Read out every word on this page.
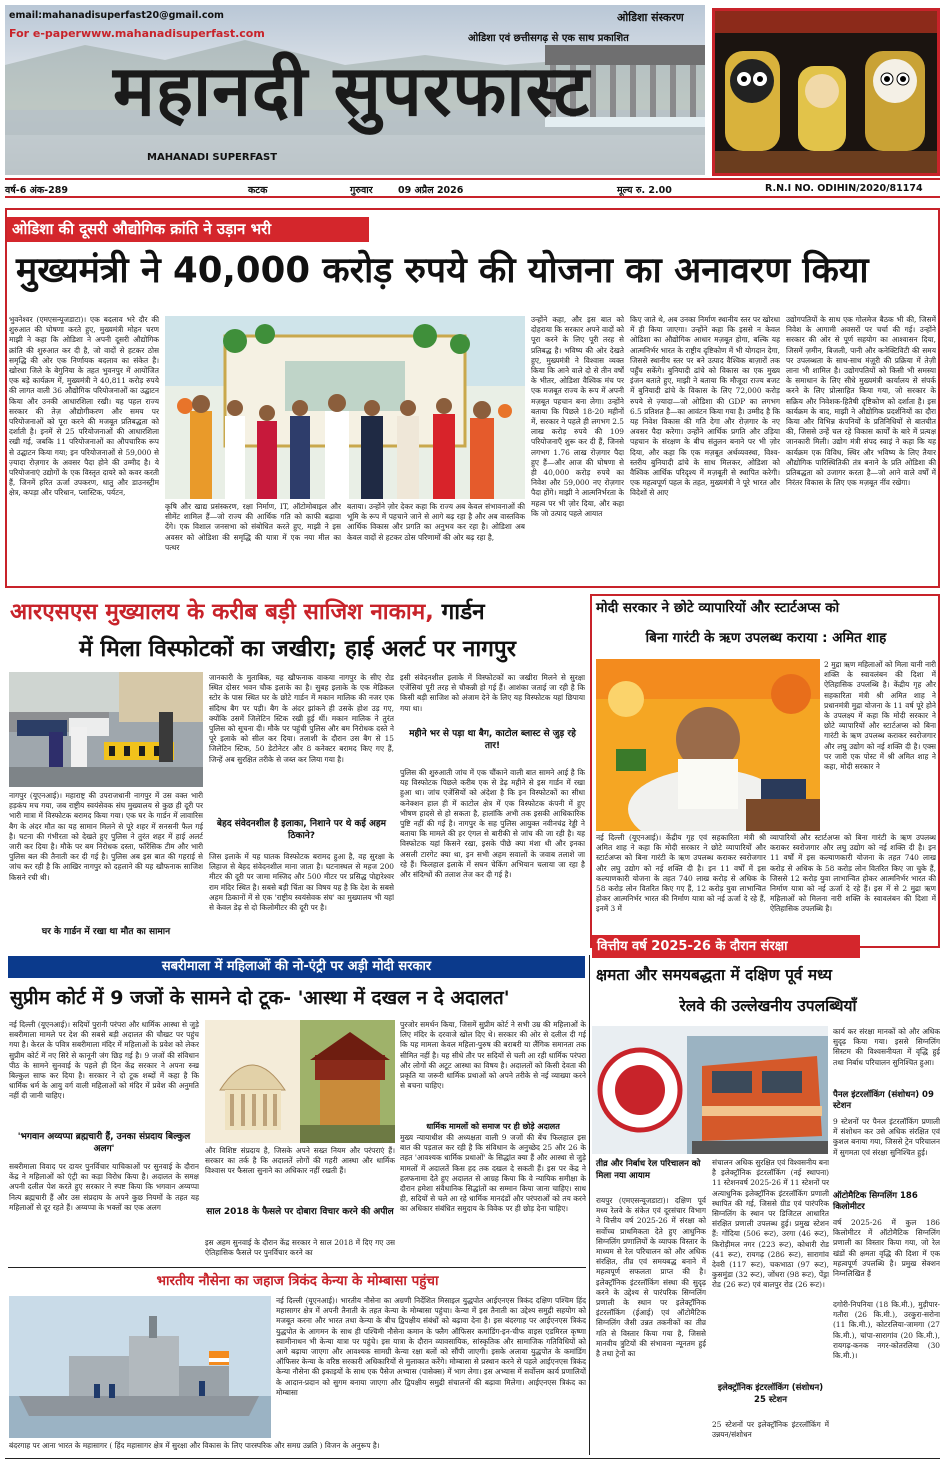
email:mahanadisuperfast20@gmail.com
For e-paperwww.mahanadisuperfast.com
ओडिशा संस्करण
ओडिशा एवं छत्तीसगढ़ से एक साथ प्रकाशित
महानदी सुपरफास्ट
MAHANADI SUPERFAST
वर्ष-6 अंक-289	कटक	गुरुवार	09 अप्रैल 2026	मूल्य रु. 2.00	R.N.I NO. ODIHIN/2020/81174
ओडिशा की दूसरी औद्योगिक क्रांति ने उड़ान भरी
मुख्यमंत्री ने 40,000 करोड़ रुपये की योजना का अनावरण किया
भुवनेश्वर (एमएसन्यूजडाटा)। एक बदलाव भरे दौर की शुरुआत की घोषणा करते हुए, मुख्यमंत्री मोहन चरण माझी ने कहा कि ओडिशा ने अपनी दूसरी औद्योगिक क्रांति की शुरुआत कर दी है, जो वादों से हटकर ठोस समृद्धि की ओर एक निर्णायक बदलाव का संकेत है। खोरधा जिले के बेगुनिया के तहत भुवनपुर में आयोजित एक बड़े कार्यक्रम में, मुख्यमंत्री ने 40,811 करोड़ रुपये की लागत वाली 36 औद्योगिक परियोजनाओं का उद्घाटन किया और उनकी आधारशिला रखी। यह पहल राज्य सरकार की तेज़ औद्योगीकरण और समय पर परियोजनाओं को पूरा करने की मजबूत प्रतिबद्धता को दर्शाती है। इनमें से 25 परियोजनाओं की आधारशिला रखी गई, जबकि 11 परियोजनाओं का औपचारिक रूप से उद्घाटन किया गया; इन परियोजनाओं से 59,000 से ज़्यादा रोज़गार के अवसर पैदा होने की उम्मीद है। ये परियोजनाएं उद्योगों के एक विस्तृत दायरे को कवर करती हैं, जिनमें हरित ऊर्जा उपकरण, धातु और डाउनस्ट्रीम क्षेत्र, कपड़ा और परिधान, प्लास्टिक, पर्यटन,
कृषि और खाद्य प्रसंस्करण, रक्षा निर्माण, IT, ऑटोमोबाइल और सीमेंट शामिल हैं—जो राज्य की आर्थिक गति को काफी बढ़ावा देंगे। एक विशाल जनसभा को संबोधित करते हुए, माझी ने इस अवसर को ओडिशा की समृद्धि की यात्रा में एक नया मील का पत्थर
बताया। उन्होंने ज़ोर देकर कहा कि राज्य अब केवल संभावनाओं की भूमि के रूप में पहचाने जाने से आगे बढ़ रहा है और अब वास्तविक आर्थिक विकास और प्रगति का अनुभव कर रहा है। ओडिशा अब केवल वादों से हटकर ठोस परिणामों की ओर बढ़ रहा है,
उन्होंने कहा, और इस बात को दोहराया कि सरकार अपने वादों को पूरा करने के लिए पूरी तरह से प्रतिबद्ध है। भविष्य की ओर देखते हुए, मुख्यमंत्री ने विश्वास व्यक्त किया कि आने वाले दो से तीन वर्षों के भीतर, ओडिशा वैश्विक मंच पर एक मजबूत राज्य के रूप में अपनी मज़बूत पहचान बना लेगा। उन्होंने बताया कि पिछले 18-20 महीनों में, सरकार ने पहले ही लगभग 2.5 लाख करोड़ रुपये की 109 परियोजनाएँ शुरू कर दी हैं, जिनसे लगभग 1.76 लाख रोज़गार पैदा हुए हैं—और आज की घोषणा से ही 40,000 करोड़ रुपये का निवेश और 59,000 नए रोज़गार पैदा होंगे। माझी ने आत्मनिर्भरता के महत्व पर भी ज़ोर दिया, और कहा कि जो उत्पाद पहले आयात
किए जाते थे, अब उनका निर्माण स्थानीय स्तर पर खोरधा में ही किया जाएगा। उन्होंने कहा कि इससे न केवल ओडिशा का औद्योगिक आधार मज़बूत होगा, बल्कि यह आत्मनिर्भर भारत के राष्ट्रीय दृष्टिकोण में भी योगदान देगा, जिससे स्थानीय स्तर पर बने उत्पाद वैश्विक बाज़ारों तक पहुँच सकेंगे। बुनियादी ढांचे को विकास का एक मुख्य इंजन बताते हुए, माझी ने बताया कि मौजूदा राज्य बजट में बुनियादी ढांचे के विकास के लिए 72,000 करोड़ रुपये से ज़्यादा—जो ओडिशा की GDP का लगभग 6.5 प्रतिशत है—का आवंटन किया गया है। उम्मीद है कि यह निवेश विकास की गति देगा और रोज़गार के नए अवसर पैदा करेगा। उन्होंने आर्थिक प्रगति और उड़िया पहचान के संरक्षण के बीच संतुलन बनाने पर भी ज़ोर दिया, और कहा कि एक मज़बूत अर्थव्यवस्था, विश्व-स्तरीय बुनियादी ढांचे के साथ मिलकर, ओडिशा को वैश्विक आर्थिक परिदृश्य में मज़बूती से स्थापित करेगी। एक महत्वपूर्ण पहल के तहत, मुख्यमंत्री ने पूरे भारत और विदेशों से आए
उद्योगपतियों के साथ एक गोलमेज बैठक भी की, जिसमें निवेश के आगामी अवसरों पर चर्चा की गई। उन्होंने सरकार की ओर से पूर्ण सहयोग का आश्वासन दिया, जिसमें ज़मीन, बिजली, पानी और कनेक्टिविटी की समय पर उपलब्धता के साथ-साथ मंज़ूरी की प्रक्रिया में तेज़ी लाना भी शामिल है। उद्योगपतियों को किसी भी समस्या के समाधान के लिए सीधे मुख्यमंत्री कार्यालय से संपर्क करने के लिए प्रोत्साहित किया गया, जो सरकार के सक्रिय और निवेशक-हितैषी दृष्टिकोण को दर्शाता है। इस कार्यक्रम के बाद, माझी ने औद्योगिक प्रदर्शनियों का दौरा किया और विभिन्न कंपनियों के प्रतिनिधियों से बातचीत की, जिससे उन्हें चल रहे विकास कार्यों के बारे में प्रत्यक्ष जानकारी मिली। उद्योग मंत्री संपद स्वाइं ने कहा कि यह कार्यक्रम एक विविध, स्थिर और भविष्य के लिए तैयार औद्योगिक पारिस्थितिकी तंत्र बनाने के प्रति ओडिशा की प्रतिबद्धता को उजागर करता है—जो आने वाले वर्षों में निरंतर विकास के लिए एक मज़बूत नींव रखेगा।
आरएसएस मुख्यालय के करीब बड़ी साजिश नाकाम, गार्डन
में मिला विस्फोटकों का जखीरा; हाई अलर्ट पर नागपुर
नागपुर (यूएनआई)। महाराष्ट्र की उपराजधानी नागपुर में उस वक्त भारी हड़कंप मच गया, जब राष्ट्रीय स्वयंसेवक संघ मुख्यालय से कुछ ही दूरी पर भारी मात्रा में विस्फोटक बरामद किया गया। एक घर के गार्डन में लावारिस बैग के अंदर मौत का यह सामान मिलने से पूरे शहर में सनसनी फैल गई है। घटना की गंभीरता को देखते हुए पुलिस ने तुरंत शहर में हाई अलर्ट जारी कर दिया है। मौके पर बम निरोधक दस्ता, फॉरेंसिक टीम और भारी पुलिस बल की तैनाती कर दी गई है। पुलिस अब इस बात की गहराई से जांच कर रही है कि आखिर नागपुर को दहलाने की यह खौफनाक साजिश किसने रची थी।
घर के गार्डन में रखा था मौत का सामान
जानकारी के मुताबिक, यह खौफनाक वाकया नागपुर के सीए रोड स्थित दोसर भवन चौक इलाके का है। सुबह इलाके के एक मेडिकल स्टोर के पास स्थित घर के छोटे गार्डन में मकान मालिक की नजर एक संदिग्ध बैग पर पड़ी। बैग के अंदर झांकने ही उसके होश उड़ गए, क्योंकि उसमें जिलेटिन स्टिक रखी हुई थीं। मकान मालिक ने तुरंत पुलिस को सूचना दी। मौके पर पहुंची पुलिस और बम निरोधक दस्ते ने पूरे इलाके को सील कर दिया। तलाशी के दौरान उस बैग से 15 जिलेटिन स्टिक, 50 डेटोनेटर और 8 कनेक्टर बरामद किए गए हैं, जिन्हें अब सुरक्षित तरीके से जब्त कर लिया गया है।
बेहद संवेदनशील है इलाका, निशाने पर थे कई अहम ठिकाने?
जिस इलाके में यह घातक विस्फोटक बरामद हुआ है, वह सुरक्षा के लिहाज से बेहद संवेदनशील माना जाता है। घटनास्थल से महज 200 मीटर की दूरी पर जामा मस्जिद और 500 मीटर पर प्रसिद्ध पोद्दारेश्वर राम मंदिर स्थित है। सबसे बड़ी चिंता का विषय यह है कि देश के सबसे अहम ठिकानों में से एक 'राष्ट्रीय स्वयंसेवक संघ' का मुख्यालय भी यहां से केवल डेढ़ से दो किलोमीटर की दूरी पर है।
इसी संवेदनशील इलाके में विस्फोटकों का जखीरा मिलने से सुरक्षा एजेंसियां पूरी तरह से चौकन्नी हो गई हैं। आशंका जताई जा रही है कि किसी बड़ी साजिश को अंजाम देने के लिए यह विस्फोटक यहां छिपाया गया था।
महीने भर से पड़ा था बैग, काटोल ब्लास्ट से जुड़ रहे तार!
पुलिस की शुरुआती जांच में एक चौंकाने वाली बात सामने आई है कि यह विस्फोटक पिछले करीब एक से डेढ़ महीने से इस गार्डन में रखा हुआ था। जांच एजेंसियों को अंदेशा है कि इन विस्फोटकों का सीधा कनेक्शन हाल ही में काटोल क्षेत्र में एक विस्फोटक कंपनी में हुए भीषण हादसे से हो सकता है, हालांकि अभी तक इसकी आधिकारिक पुष्टि नहीं की गई है। नागपुर के सह पुलिस आयुक्त नवीनचंद्र रेड्डी ने बताया कि मामले की हर एंगल से बारीकी से जांच की जा रही है। यह विस्फोटक यहां किसने रखा, इसके पीछे क्या मंशा थी और इनका असली टारगेट क्या था, इन सभी अहम सवालों के जवाब तलाशे जा रहे हैं। फिलहाल इलाके में सघन चेकिंग अभियान चलाया जा रहा है और संदिग्धों की तलाश तेज कर दी गई है।
मोदी सरकार ने छोटे व्यापारियों और स्टार्टअप्स को
बिना गारंटी के ऋण उपलब्ध कराया : अमित शाह
2 मुद्रा ऋण महिलाओं को मिला यानी नारी शक्ति के स्वावलंबन की दिशा में ऐतिहासिक उपलब्धि है। केंद्रीय गृह और सहकारिता मंत्री श्री अमित शाह ने प्रधानमंत्री मुद्रा योजना के 11 वर्ष पूरे होने के उपलक्ष्य में कहा कि मोदी सरकार ने छोटे व्यापारियों और स्टार्टअप्स को बिना गारंटी के ऋण उपलब्ध कराकर स्वरोजगार और लघु उद्योग को नई शक्ति दी है। एक्स पर जारी एक पोस्ट में श्री अमित शाह ने कहा, मोदी सरकार ने
नई दिल्ली (यूएनआई)। केंद्रीय गृह एवं सहकारिता मंत्री श्री अमित शाह ने कहा कि मोदी सरकार ने छोटे व्यापारियों और स्टार्टअप्स को बिना गारंटी के ऋण उपलब्ध कराकर स्वरोजगार और लघु उद्योग को नई शक्ति दी है। इन 11 वर्षों में इस कल्याणकारी योजना के तहत 740 लाख करोड़ से अधिक के 58 करोड़ लोन वितरित किए गए हैं, 12 करोड़ युवा लाभान्वित होकर आत्मनिर्भर भारत की निर्माण यात्रा को नई ऊर्जा दे रहे हैं, इनमें 3 में
व्यापारियों और स्टार्टअप्स को बिना गारंटी के ऋण उपलब्ध कराकर स्वरोजगार और लघु उद्योग को नई शक्ति दी है। इन 11 वर्षों में इस कल्याणकारी योजना के तहत 740 लाख करोड़ से अधिक के 58 करोड़ लोन वितरित किए जा चुके हैं, जिससे 12 करोड़ युवा लाभान्वित होकर आत्मनिर्भर भारत की निर्माण यात्रा को नई ऊर्जा दे रहे हैं। इस में से 2 मुद्रा ऋण महिलाओं को मिलना नारी शक्ति के स्वावलंबन की दिशा में ऐतिहासिक उपलब्धि है।
सबरीमाला में महिलाओं की नो-एंट्री पर अड़ी मोदी सरकार
सुप्रीम कोर्ट में 9 जजों के सामने दो टूक- 'आस्था में दखल न दे अदालत'
नई दिल्ली (यूएनआई)। सदियों पुरानी परंपरा और धार्मिक आस्था से जुड़े सबरीमाला मामले पर देश की सबसे बड़ी अदालत की चौखट पर पहुंच गया है। केरल के पवित्र सबरीमाला मंदिर में महिलाओं के प्रवेश को लेकर सुप्रीम कोर्ट में नए सिरे से कानूनी जंग छिड़ गई है। 9 जजों की संविधान पीठ के सामने सुनवाई के पहले ही दिन केंद्र सरकार ने अपना रुख बिल्कुल साफ कर दिया है। सरकार ने दो टूक शब्दों में कहा है कि धार्मिक धर्म के आयु वर्ग वाली महिलाओं को मंदिर में प्रवेश की अनुमति नहीं दी जानी चाहिए।
'भगवान अय्यप्पा ब्रह्मचारी हैं, उनका संप्रदाय बिल्कुल अलग'
सबरीमाला विवाद पर दायर पुनर्विचार याचिकाओं पर सुनवाई के दौरान केंद्र ने महिलाओं को एंट्री का कड़ा विरोध किया है। अदालत के समक्ष अपनी दलील पेश करते हुए सरकार ने स्पष्ट किया कि भगवान अय्यप्पा नित्य ब्रह्मचारी हैं और उस संप्रदाय के अपने कुछ नियमों के तहत यह महिलाओं से दूर रहते हैं। अय्यप्पा के भक्तों का एक अलग
और विशिष्ट संप्रदाय है, जिसके अपने सख्त नियम और परंपराएं हैं। सरकार का तर्क है कि अदालतें लोगों की गहरी आस्था और धार्मिक विश्वास पर फैसला सुनाने का अधिकार नहीं रखती हैं।
साल 2018 के फैसले पर दोबारा विचार करने की अपील
इस अहम सुनवाई के दौरान केंद्र सरकार ने साल 2018 में दिए गए उस ऐतिहासिक फैसले पर पुनर्विचार करने का
पुरजोर समर्थन किया, जिसमें सुप्रीम कोर्ट ने सभी उम्र की महिलाओं के लिए मंदिर के दरवाजे खोल दिए थे। सरकार की ओर से दलील दी गई कि यह मामला केवल महिला-पुरुष की बराबरी या लैंगिक समानता तक सीमित नहीं है। यह सीधे तौर पर सदियों से चली आ रही धार्मिक परंपरा और लोगों की अटूट आस्था का विषय है। अदालतों को किसी देवता की प्रकृति या जरूरी धार्मिक प्रथाओं को अपने तरीके से नई व्याख्या करने से बचना चाहिए।
धार्मिक मामलों को समाज पर ही छोड़े अदालत
मुख्य न्यायाधीश की अध्यक्षता वाली 9 जजों की बेंच फिलहाल इस बात की पड़ताल कर रही है कि संविधान के अनुच्छेद 25 और 26 के तहत 'आवश्यक धार्मिक प्रथाओं' के सिद्धांत क्या हैं और आस्था से जुड़े मामलों में अदालतें किस हद तक दखल दे सकती हैं। इस पर केंद्र ने हलफनामा देते हुए अदालत से आग्रह किया कि वे न्यायिक समीक्षा के दौरान हमेशा संवैधानिक सिद्धांतों का सम्मान किया जाना चाहिए। साथ ही, सदियों से चले आ रहे धार्मिक मानदंडों और परंपराओं को तय करने का अधिकार संबंधित समुदाय के विवेक पर ही छोड़ देना चाहिए।
भारतीय नौसेना का जहाज त्रिकंद केन्या के मोम्बासा पहुंचा
नई दिल्ली (यूएनआई)। भारतीय नौसेना का अग्रणी निर्देशित मिसाइल युद्धपोत आईएनएस त्रिकंद दक्षिण पश्चिम हिंद महासागर क्षेत्र में अपनी तैनाती के तहत केन्या के मोम्बासा पहुंचा। केन्या में इस तैनाती का उद्देश्य समुद्री सहयोग को मजबूत करना और भारत तथा केन्या के बीच द्विपक्षीय संबंधों को बढ़ावा देना है। इस बंदरगाह पर आईएनएस त्रिकंद युद्धपोत के आगमन के साथ ही पश्चिमी नौसेना कमान के फ्लैग ऑफिसर कमांडिंग-इन-चीफ वाइस एडमिरल कृष्णा स्वामीनाथन भी केन्या यात्रा पर पहुंचे। इस यात्रा के दौरान व्यावसायिक, सांस्कृतिक और सामाजिक गतिविधियों को आगे बढ़ाया जाएगा और आवश्यक सामग्री केन्या रक्षा बलों को सौंपी जाएगी। इसके अलावा युद्धपोत के कमांडिंग ऑफिसर केन्या के वरिष्ठ सरकारी अधिकारियों से मुलाकात करेंगे। मोम्बासा से प्रस्थान करने से पहले आईएनएस त्रिकंद केन्या नौसेना की इकाइयों के साथ एक पैसेज अभ्यास (पासेक्स) में भाग लेगा। इस अभ्यास में सर्वोत्तम कार्य प्रणालियों के आदान-प्रदान को सुगम बनाया जाएगा और द्विपक्षीय समुद्री संचालनों की बढ़ावा मिलेगा। आईएनएस त्रिकंद का मोम्बासा
बंदरगाह पर आना भारत के महासागर ( हिंद महासागर क्षेत्र में सुरक्षा और विकास के लिए पारस्परिक और समग्र उन्नति ) विजन के अनुरूप है।
वित्तीय वर्ष 2025-26 के दौरान संरक्षा
क्षमता और समयबद्धता में दक्षिण पूर्व मध्य
रेलवे की उल्लेखनीय उपलब्धियाँ
कार्य कर संरक्षा मानकों को और अधिक सुदृढ़ किया गया। इससे सिग्नलिंग सिस्टम की विश्वसनीयता में वृद्धि हुई तथा निर्बाध परिचालन सुनिश्चित हुआ।
पैनल इंटरलॉकिंग (संशोधन) 09 स्टेशन
9 स्टेशनों पर पैनल इंटरलॉकिंग प्रणाली में संशोधन कर उसे अधिक संरक्षित एवं कुशल बनाया गया, जिससे ट्रेन परिचालन में सुगमता एवं संरक्षा सुनिश्चित हुई।
ऑटोमैटिक सिग्नलिंग 186 किलोमीटर
वर्ष 2025-26 में कुल 186 किलोमीटर में ऑटोमैटिक सिग्नलिंग प्रणाली का विस्तार किया गया, जो रेल खंडों की क्षमता वृद्धि की दिशा में एक महत्वपूर्ण उपलब्धि है। प्रमुख सेक्शन निम्नलिखित हैं
दगोरी-निपनिया (18 कि.मी.), मुड़ीपार-गतौरा (26 कि.मी.), उरकुरा-सरोना (11 कि.मी.), कोटरलिया-जामगा (27 कि.मी.), चांपा-सारागांव (20 कि.मी.), रायगढ़-कनक नगर-कोतरलिया (30 कि.मी.)।
तीव्र और निर्बाध रेल परिचालन को मिला नया आयाम
रायपुर (एमएसन्यूजडाटा)। दक्षिण पूर्व मध्य रेलवे के संकेत एवं दूरसंचार विभाग ने वित्तीय वर्ष 2025-26 में संरक्षा को सर्वोच्च प्राथमिकता देते हुए आधुनिक सिग्नलिंग प्रणालियों के व्यापक विस्तार के माध्यम से रेल परिचालन को और अधिक संरक्षित, तीव्र एवं समयबद्ध बनाने में महत्वपूर्ण सफलता प्राप्त की है। इलेक्ट्रॉनिक इंटरलॉकिंग संस्था की सुदृढ़ करने के उद्देश्य से पारंपरिक सिग्नलिंग प्रणाली के स्थान पर इलेक्ट्रॉनिक इंटरलॉकिंग (ईआई) एवं ऑटोमैटिक सिग्नलिंग जैसी उन्नत तकनीकों का तीव्र गति से विस्तार किया गया है, जिससे मानवीय त्रुटियों की संभावना न्यूनतम हुई है तथा ट्रेनों का
संचालन अधिक सुरक्षित एवं विश्वसनीय बना है इलेक्ट्रॉनिक इंटरलॉकिंग (नई स्थापना) 11 स्टेशनवर्ष 2025-26 में 11 स्टेशनों पर अत्याधुनिक इलेक्ट्रॉनिक इंटरलॉकिंग प्रणाली स्थापित की गई, जिससे ग्रीड एवं पारंपरिक सिग्नलिंग के स्थान पर डिजिटल आधारित संरक्षित प्रणाली उपलब्ध हुई। प्रमुख स्टेशन हैं: गोंदिया (506 रूट), उरगा (46 रूट), किरोड़ीमल नगर (223 रूट), कोथारी रोड (41 रूट), रायगढ़ (286 रूट), सारागांव देवरी (117 रूट), चकभाठा (97 रूट), कुसमुंडा (32 रूट), जोंधरा (98 रूट), पेंड्रा रोड (26 रूट) एवं बालपुर रोड (26 रूट)।
इलेक्ट्रॉनिक इंटरलॉकिंग (संशोधन) 25 स्टेशन
25 स्टेशनों पर इलेक्ट्रॉनिक इंटरलॉकिंग में उन्नयन/संशोधन
